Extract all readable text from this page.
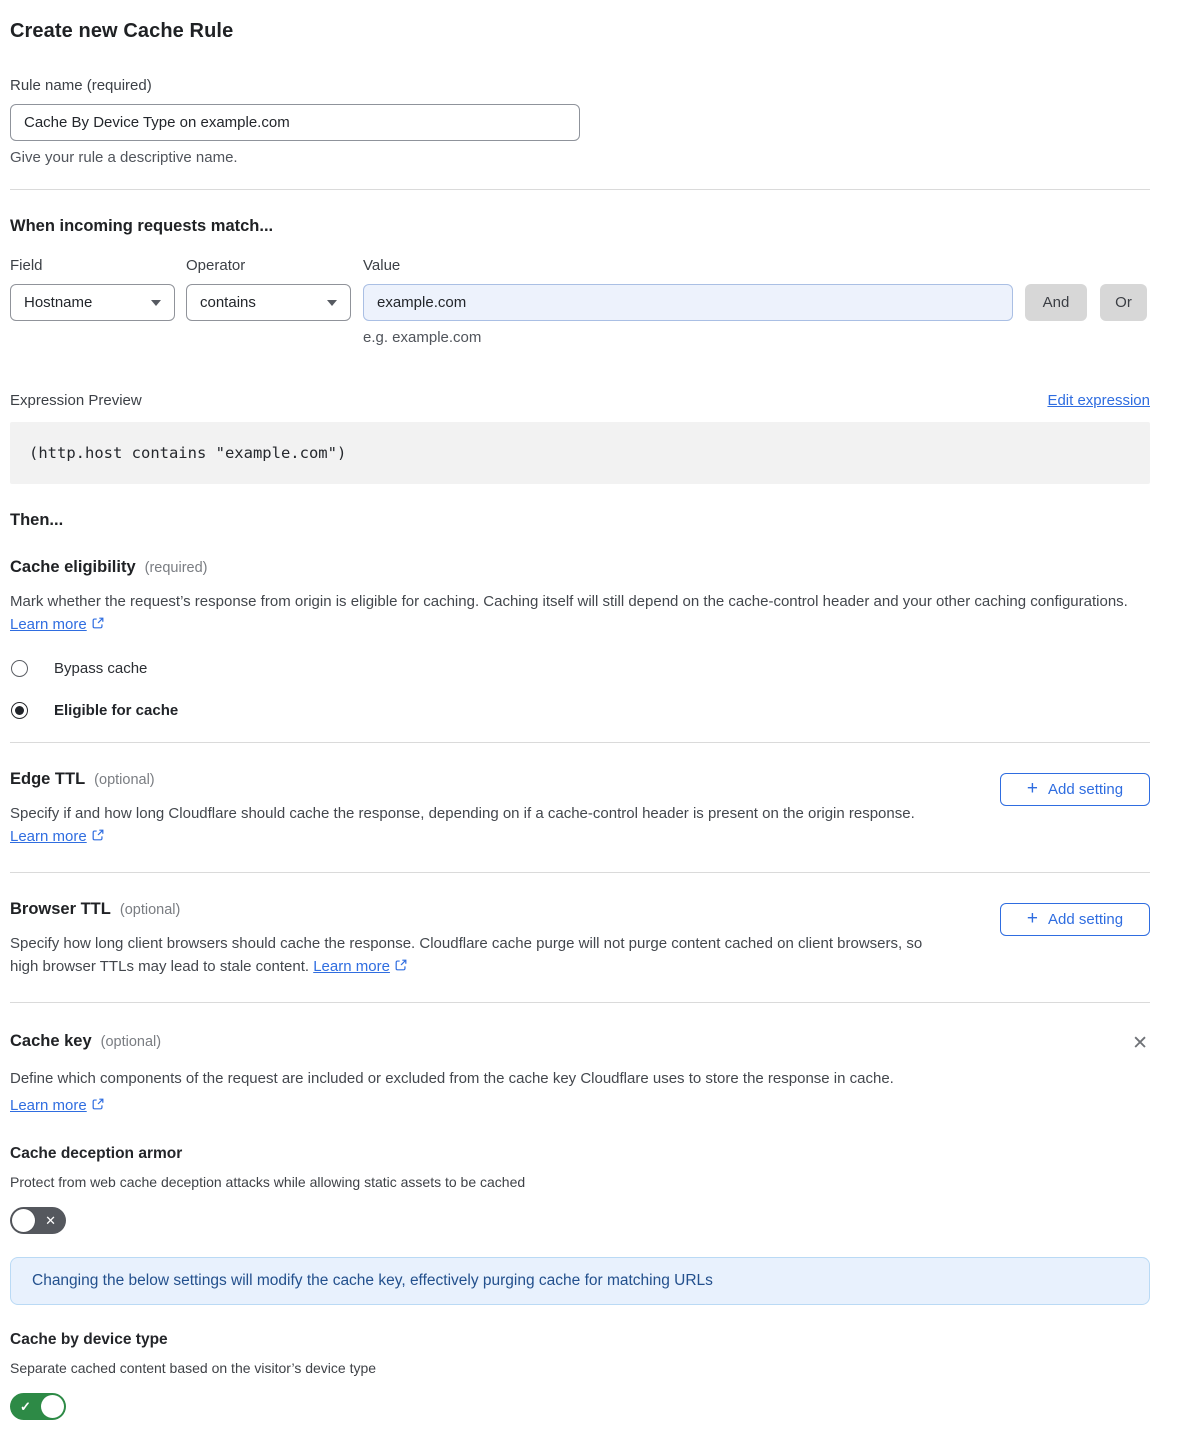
Create new Cache Rule
Rule name (required)
Cache By Device Type on example.com
Give your rule a descriptive name.
When incoming requests match...
Field
Hostname
Operator
contains
Value
example.com
e.g. example.com
And	Or
Expression Preview	Edit expression
(http.host contains "example.com")
Then...
Cache eligibility (required)
Mark whether the request’s response from origin is eligible for caching. Caching itself will still depend on the cache-control header and your other caching configurations. Learn more
Bypass cache
Eligible for cache
Edge TTL (optional)
Specify if and how long Cloudflare should cache the response, depending on if a cache-control header is present on the origin response. Learn more
+ Add setting
Browser TTL (optional)
Specify how long client browsers should cache the response. Cloudflare cache purge will not purge content cached on client browsers, so high browser TTLs may lead to stale content. Learn more
+ Add setting
Cache key (optional)	✕
Define which components of the request are included or excluded from the cache key Cloudflare uses to store the response in cache.
Learn more
Cache deception armor
Protect from web cache deception attacks while allowing static assets to be cached
✕
Changing the below settings will modify the cache key, effectively purging cache for matching URLs
Cache by device type
Separate cached content based on the visitor’s device type
✓
